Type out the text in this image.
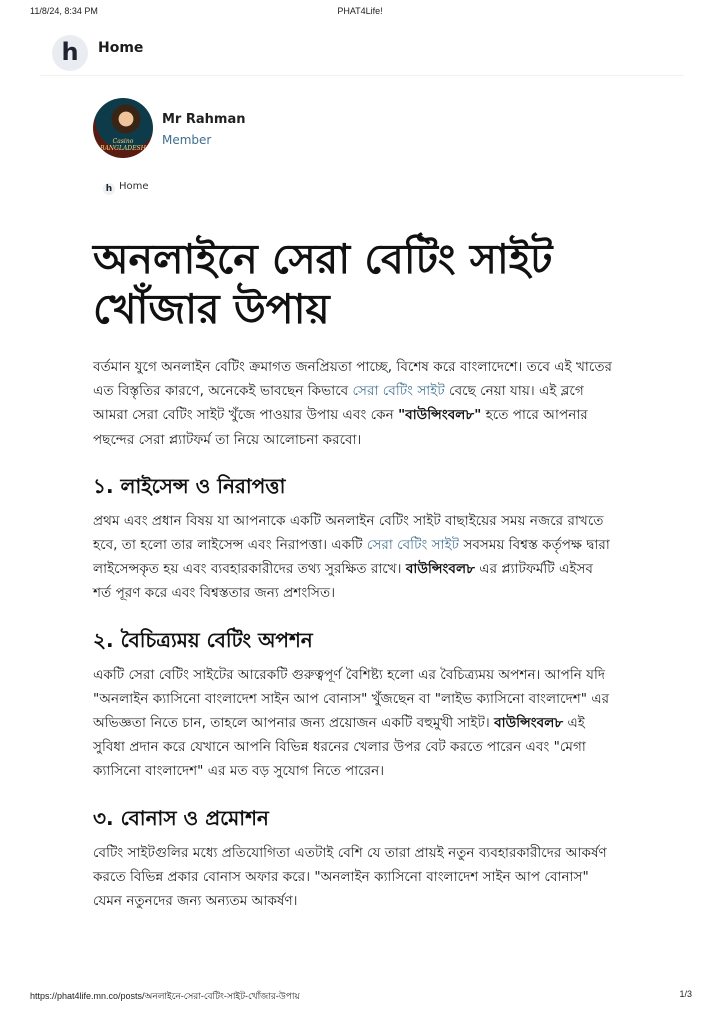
11/8/24, 8:34 PM	PHAT4Life!
h	Home
Casino BANGLADESH
Mr Rahman
Member
h Home
অনলাইনে সেরা বেটিং সাইট খোঁজার উপায়

বর্তমান যুগে অনলাইন বেটিং ক্রমাগত জনপ্রিয়তা পাচ্ছে, বিশেষ করে বাংলাদেশে। তবে এই খাতের এত বিস্তৃতির কারণে, অনেকেই ভাবছেন কিভাবে সেরা বেটিং সাইট বেছে নেয়া যায়। এই ব্লগে আমরা সেরা বেটিং সাইট খুঁজে পাওয়ার উপায় এবং কেন "বাউন্সিংবল৮" হতে পারে আপনার পছন্দের সেরা প্ল্যাটফর্ম তা নিয়ে আলোচনা করবো।

১. লাইসেন্স ও নিরাপত্তা

প্রথম এবং প্রধান বিষয় যা আপনাকে একটি অনলাইন বেটিং সাইট বাছাইয়ের সময় নজরে রাখতে হবে, তা হলো তার লাইসেন্স এবং নিরাপত্তা। একটি সেরা বেটিং সাইট সবসময় বিশ্বস্ত কর্তৃপক্ষ দ্বারা লাইসেন্সকৃত হয় এবং ব্যবহারকারীদের তথ্য সুরক্ষিত রাখে। বাউন্সিংবল৮ এর প্ল্যাটফর্মটি এইসব শর্ত পূরণ করে এবং বিশ্বস্ততার জন্য প্রশংসিত।

২. বৈচিত্র্যময় বেটিং অপশন

একটি সেরা বেটিং সাইটের আরেকটি গুরুত্বপূর্ণ বৈশিষ্ট্য হলো এর বৈচিত্র্যময় অপশন। আপনি যদি "অনলাইন ক্যাসিনো বাংলাদেশ সাইন আপ বোনাস" খুঁজছেন বা "লাইভ ক্যাসিনো বাংলাদেশ" এর অভিজ্ঞতা নিতে চান, তাহলে আপনার জন্য প্রয়োজন একটি বহুমুখী সাইট। বাউন্সিংবল৮ এই সুবিধা প্রদান করে যেখানে আপনি বিভিন্ন ধরনের খেলার উপর বেট করতে পারেন এবং "মেগা ক্যাসিনো বাংলাদেশ" এর মত বড় সুযোগ নিতে পারেন।

৩. বোনাস ও প্রমোশন

বেটিং সাইটগুলির মধ্যে প্রতিযোগিতা এতটাই বেশি যে তারা প্রায়ই নতুন ব্যবহারকারীদের আকর্ষণ করতে বিভিন্ন প্রকার বোনাস অফার করে। "অনলাইন ক্যাসিনো বাংলাদেশ সাইন আপ বোনাস" যেমন নতুনদের জন্য অন্যতম আকর্ষণ।

https://phat4life.mn.co/posts/অনলাইনে-সেরা-বেটিং-সাইট-খোঁজার-উপায়	1/3
